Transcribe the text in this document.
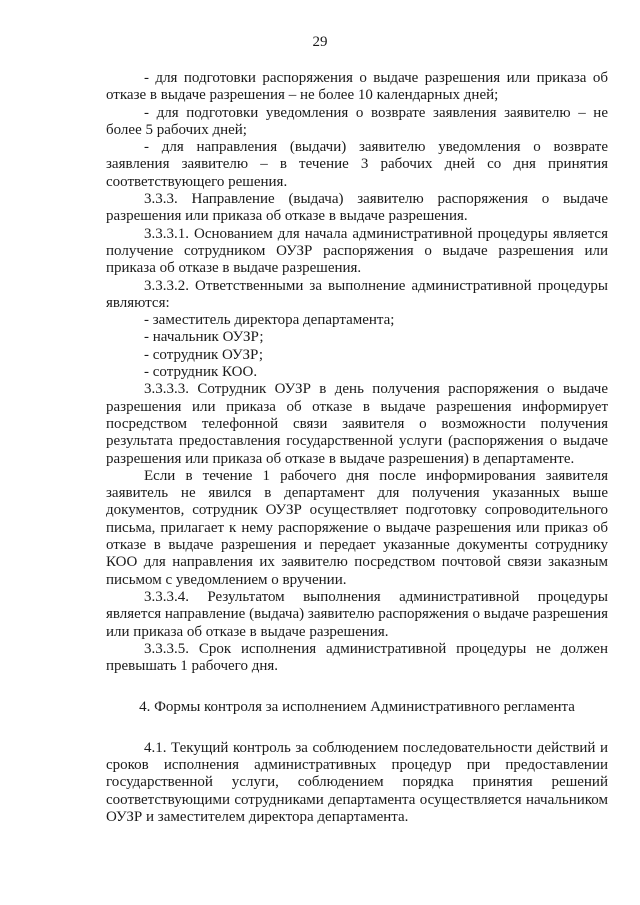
29

- для подготовки распоряжения о выдаче разрешения или приказа об отказе в выдаче разрешения – не более 10 календарных дней;

- для подготовки уведомления о возврате заявления заявителю – не более 5 рабочих дней;

- для направления (выдачи) заявителю уведомления о возврате заявления заявителю – в течение 3 рабочих дней со дня принятия соответствующего решения.

3.3.3. Направление (выдача) заявителю распоряжения о выдаче разрешения или приказа об отказе в выдаче разрешения.

3.3.3.1. Основанием для начала административной процедуры является получение сотрудником ОУЗР распоряжения о выдаче разрешения или приказа об отказе в выдаче разрешения.

3.3.3.2. Ответственными за выполнение административной процедуры являются:

- заместитель директора департамента;

- начальник ОУЗР;

- сотрудник ОУЗР;

- сотрудник КОО.

3.3.3.3. Сотрудник ОУЗР в день получения распоряжения о выдаче разрешения или приказа об отказе в выдаче разрешения информирует посредством телефонной связи заявителя о возможности получения результата предоставления государственной услуги (распоряжения о выдаче разрешения или приказа об отказе в выдаче разрешения) в департаменте.

Если в течение 1 рабочего дня после информирования заявителя заявитель не явился в департамент для получения указанных выше документов, сотрудник ОУЗР осуществляет подготовку сопроводительного письма, прилагает к нему распоряжение о выдаче разрешения или приказ об отказе в выдаче разрешения и передает указанные документы сотруднику КОО для направления их заявителю посредством почтовой связи заказным письмом с уведомлением о вручении.

3.3.3.4. Результатом выполнения административной процедуры является направление (выдача) заявителю распоряжения о выдаче разрешения или приказа об отказе в выдаче разрешения.

3.3.3.5. Срок исполнения административной процедуры не должен превышать 1 рабочего дня.

4. Формы контроля за исполнением Административного регламента

4.1. Текущий контроль за соблюдением последовательности действий и сроков исполнения административных процедур при предоставлении государственной услуги, соблюдением порядка принятия решений соответствующими сотрудниками департамента осуществляется начальником ОУЗР и заместителем директора департамента.
